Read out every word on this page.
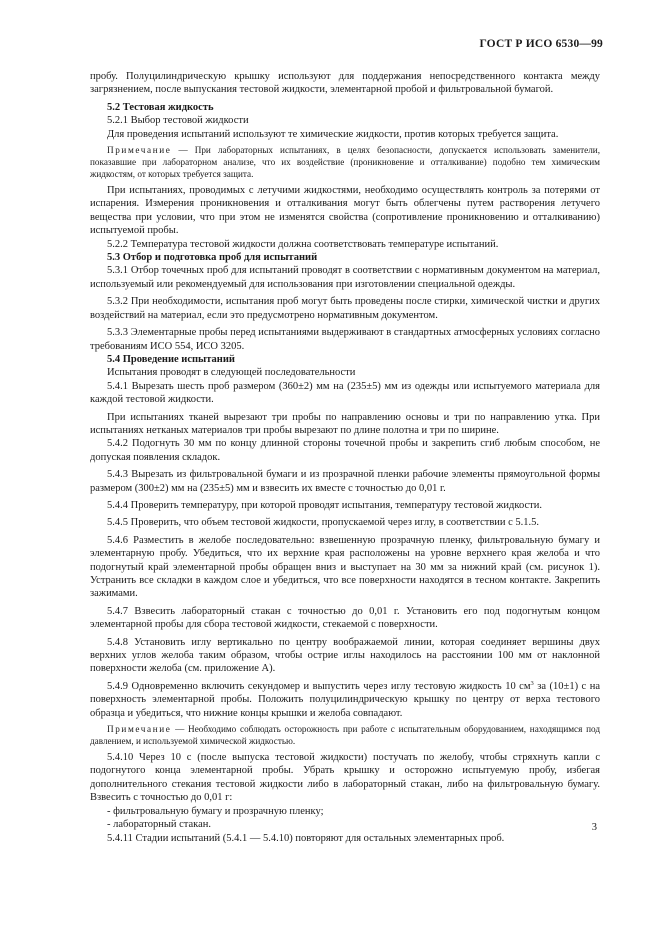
ГОСТ Р ИСО 6530—99

пробу. Полуцилиндрическую крышку используют для поддержания непосредственного контакта между загрязнением, после выпускания тестовой жидкости, элементарной пробой и фильтровальной бумагой.

5.2 Тестовая жидкость

5.2.1 Выбор тестовой жидкости

Для проведения испытаний используют те химические жидкости, против которых требуется защита.

Примечание — При лабораторных испытаниях, в целях безопасности, допускается использовать заменители, показавшие при лабораторном анализе, что их воздействие (проникновение и отталкивание) подобно тем химическим жидкостям, от которых требуется защита.

При испытаниях, проводимых с летучими жидкостями, необходимо осуществлять контроль за потерями от испарения. Измерения проникновения и отталкивания могут быть облегчены путем растворения летучего вещества при условии, что при этом не изменятся свойства (сопротивление проникновению и отталкиванию) испытуемой пробы.

5.2.2 Температура тестовой жидкости должна соответствовать температуре испытаний.

5.3 Отбор и подготовка проб для испытаний

5.3.1 Отбор точечных проб для испытаний проводят в соответствии с нормативным документом на материал, используемый или рекомендуемый для использования при изготовлении специальной одежды.

5.3.2 При необходимости, испытания проб могут быть проведены после стирки, химической чистки и других воздействий на материал, если это предусмотрено нормативным документом.

5.3.3 Элементарные пробы перед испытаниями выдерживают в стандартных атмосферных условиях согласно требованиям ИСО 554, ИСО 3205.

5.4 Проведение испытаний

Испытания проводят в следующей последовательности

5.4.1 Вырезать шесть проб размером (360±2) мм на (235±5) мм из одежды или испытуемого материала для каждой тестовой жидкости.

При испытаниях тканей вырезают три пробы по направлению основы и три по направлению утка. При испытаниях нетканых материалов три пробы вырезают по длине полотна и три по ширине.

5.4.2 Подогнуть 30 мм по концу длинной стороны точечной пробы и закрепить сгиб любым способом, не допуская появления складок.

5.4.3 Вырезать из фильтровальной бумаги и из прозрачной пленки рабочие элементы прямоугольной формы размером (300±2) мм на (235±5) мм и взвесить их вместе с точностью до 0,01 г.

5.4.4 Проверить температуру, при которой проводят испытания, температуру тестовой жидкости.

5.4.5 Проверить, что объем тестовой жидкости, пропускаемой через иглу, в соответствии с 5.1.5.

5.4.6 Разместить в желобе последовательно: взвешенную прозрачную пленку, фильтровальную бумагу и элементарную пробу. Убедиться, что их верхние края расположены на уровне верхнего края желоба и что подогнутый край элементарной пробы обращен вниз и выступает на 30 мм за нижний край (см. рисунок 1). Устранить все складки в каждом слое и убедиться, что все поверхности находятся в тесном контакте. Закрепить зажимами.

5.4.7 Взвесить лабораторный стакан с точностью до 0,01 г. Установить его под подогнутым концом элементарной пробы для сбора тестовой жидкости, стекаемой с поверхности.

5.4.8 Установить иглу вертикально по центру воображаемой линии, которая соединяет вершины двух верхних углов желоба таким образом, чтобы острие иглы находилось на расстоянии 100 мм от наклонной поверхности желоба (см. приложение А).

5.4.9 Одновременно включить секундомер и выпустить через иглу тестовую жидкость 10 $см^3$ за (10±1) с на поверхность элементарной пробы. Положить полуцилиндрическую крышку по центру от верха тестового образца и убедиться, что нижние концы крышки и желоба совпадают.

Примечание — Необходимо соблюдать осторожность при работе с испытательным оборудованием, находящимся под давлением, и используемой химической жидкостью.

5.4.10 Через 10 с (после выпуска тестовой жидкости) постучать по желобу, чтобы стряхнуть капли с подогнутого конца элементарной пробы. Убрать крышку и осторожно испытуемую пробу, избегая дополнительного стекания тестовой жидкости либо в лабораторный стакан, либо на фильтровальную бумагу. Взвесить с точностью до 0,01 г:

- фильтровальную бумагу и прозрачную пленку;

- лабораторный стакан.

5.4.11 Стадии испытаний (5.4.1 — 5.4.10) повторяют для остальных элементарных проб.

3
